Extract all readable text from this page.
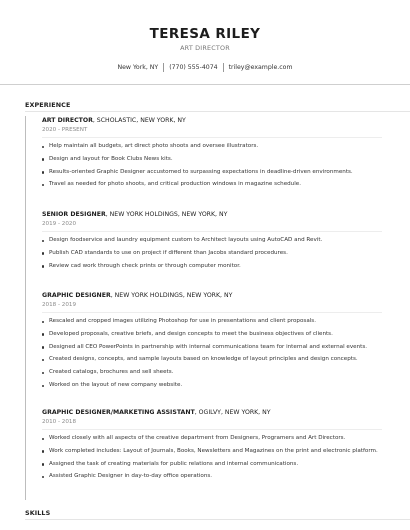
TERESA RILEY
ART DIRECTOR
New York, NY (770) 555-4074 triley@example.com
EXPERIENCE
ART DIRECTOR, SCHOLASTIC, NEW YORK, NY
2020 - PRESENT
Help maintain all budgets, art direct photo shoots and oversee illustrators.
Design and layout for Book Clubs News kits.
Results-oriented Graphic Designer accustomed to surpassing expectations in deadline-driven environments.
Travel as needed for photo shoots, and critical production windows in magazine schedule.
SENIOR DESIGNER, NEW YORK HOLDINGS, NEW YORK, NY
2019 - 2020
Design foodservice and laundry equipment custom to Architect layouts using AutoCAD and Revit.
Publish CAD standards to use on project if different than Jacobs standard procedures.
Review cad work through check prints or through computer monitor.
GRAPHIC DESIGNER, NEW YORK HOLDINGS, NEW YORK, NY
2018 - 2019
Rescaled and cropped images utilizing Photoshop for use in presentations and client proposals.
Developed proposals, creative briefs, and design concepts to meet the business objectives of clients.
Designed all CEO PowerPoints in partnership with internal communications team for internal and external events.
Created designs, concepts, and sample layouts based on knowledge of layout principles and design concepts.
Created catalogs, brochures and sell sheets.
Worked on the layout of new company website.
GRAPHIC DESIGNER/MARKETING ASSISTANT, OGILVY, NEW YORK, NY
2010 - 2018
Worked closely with all aspects of the creative department from Designers, Programers and Art Directors.
Work completed includes: Layout of Journals, Books, Newsletters and Magazines on the print and electronic platform.
Assigned the task of creating materials for public relations and internal communications.
Assisted Graphic Designer in day-to-day office operations.
SKILLS
